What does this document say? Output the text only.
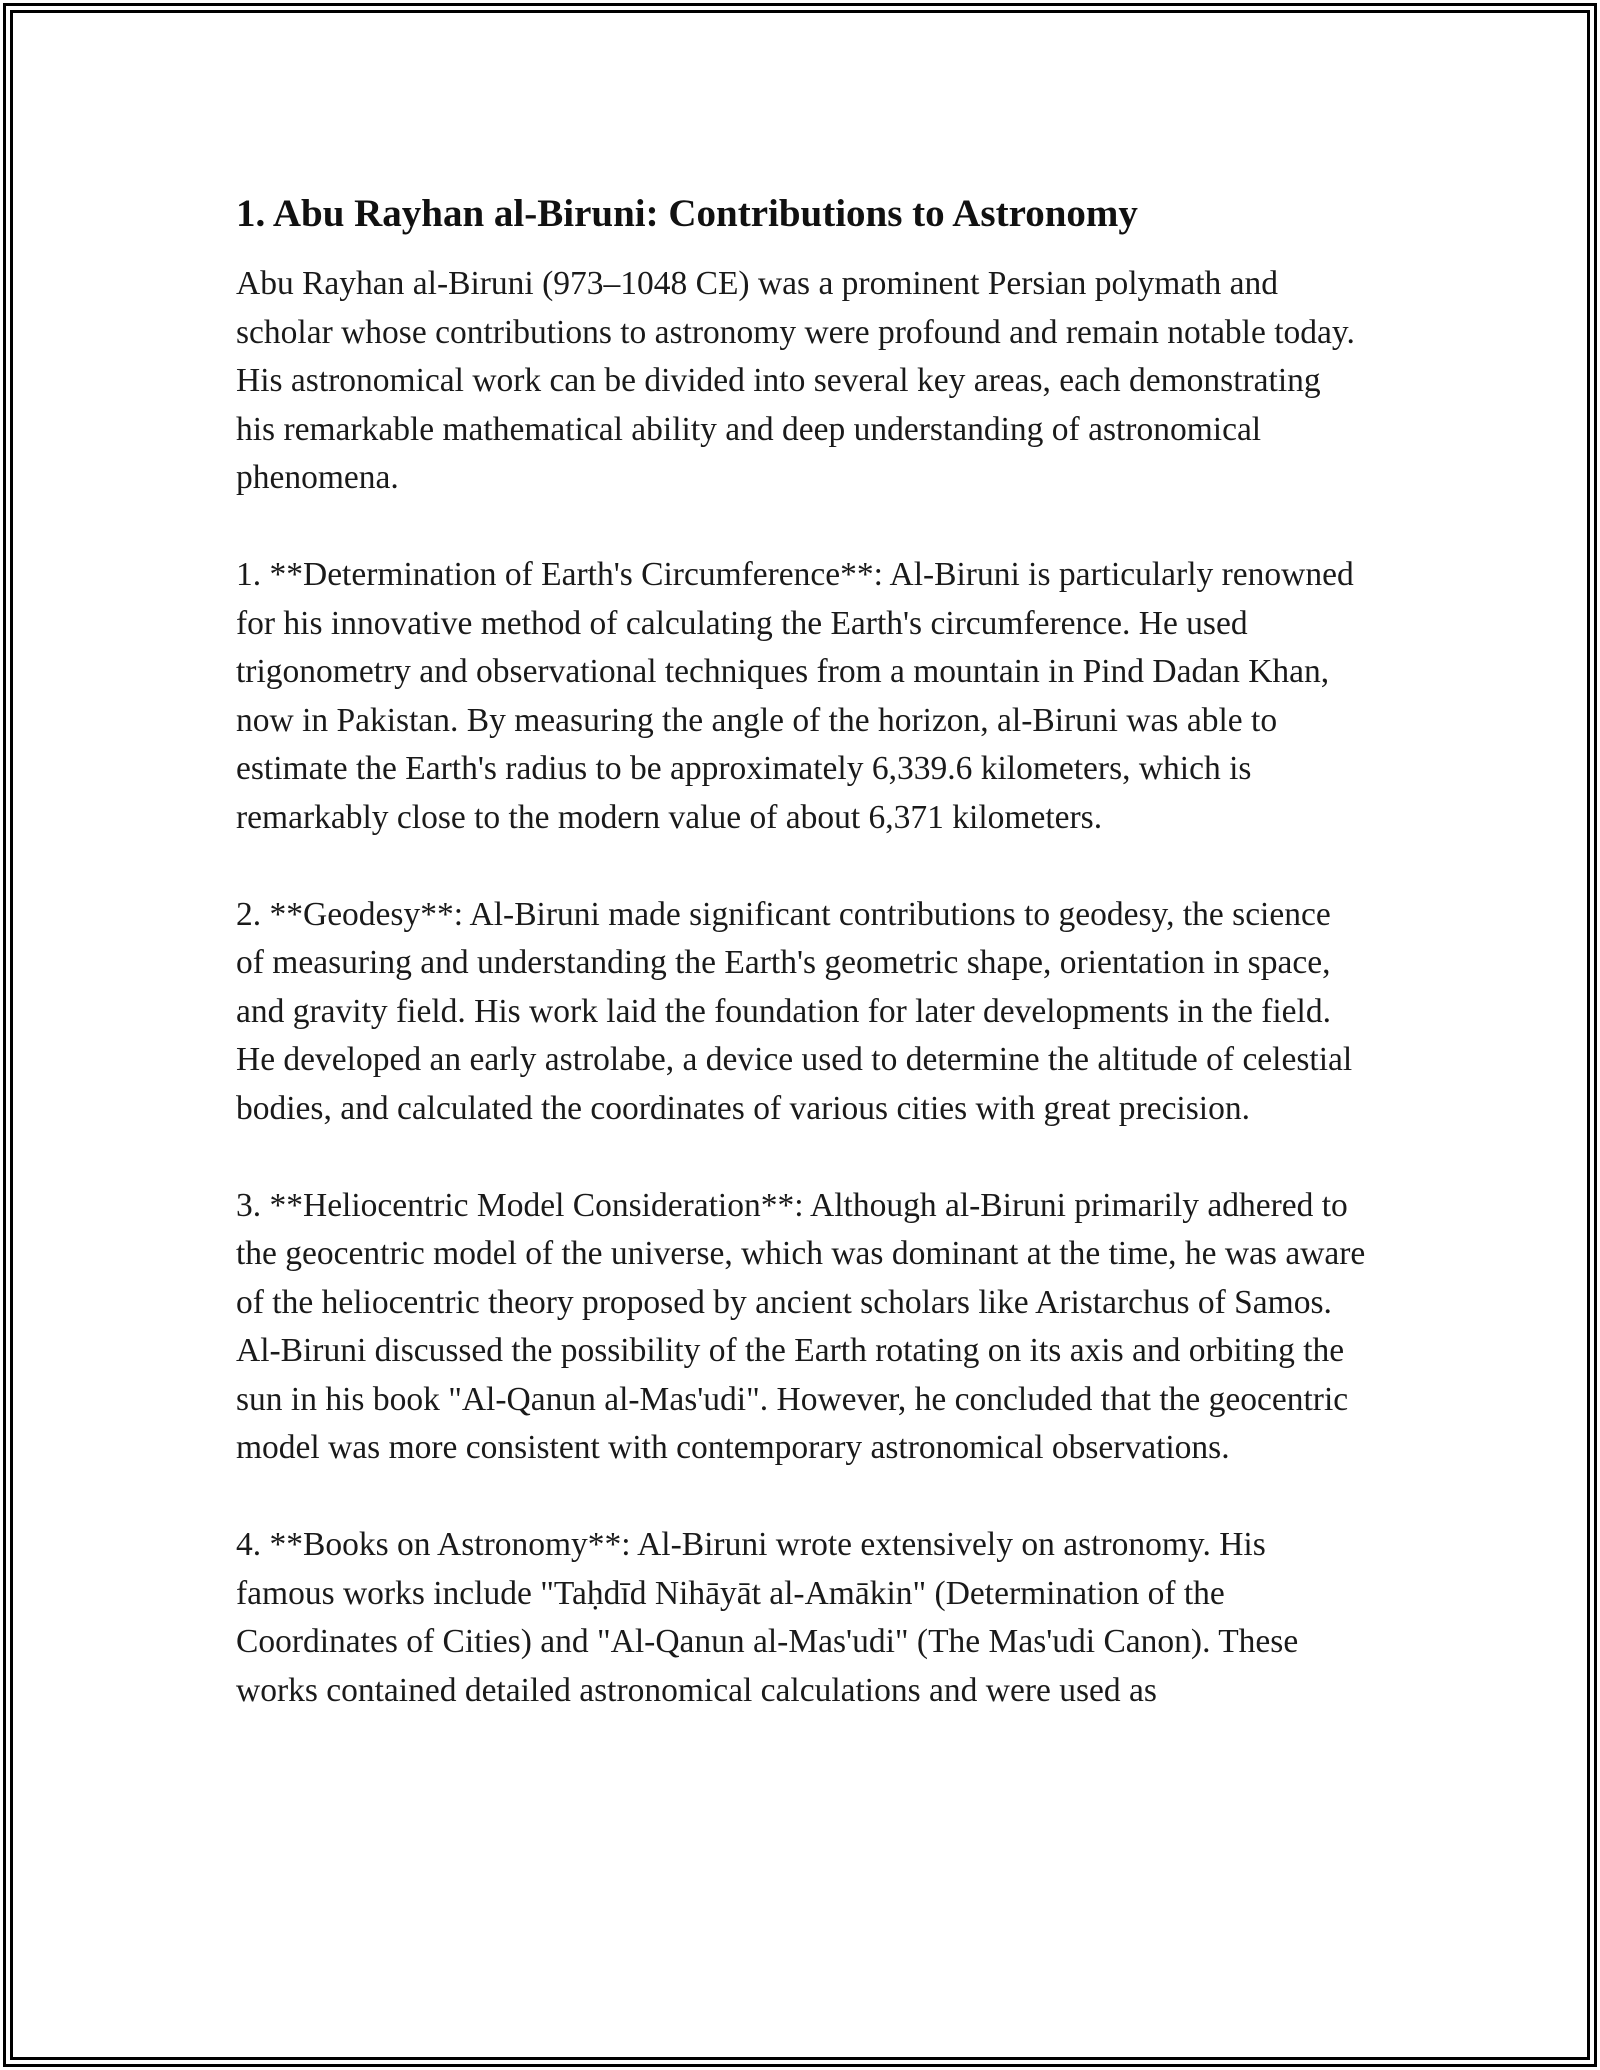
1. Abu Rayhan al-Biruni: Contributions to Astronomy

Abu Rayhan al-Biruni (973–1048 CE) was a prominent Persian polymath and scholar whose contributions to astronomy were profound and remain notable today. His astronomical work can be divided into several key areas, each demonstrating his remarkable mathematical ability and deep understanding of astronomical phenomena.

1. **Determination of Earth's Circumference**: Al-Biruni is particularly renowned for his innovative method of calculating the Earth's circumference. He used trigonometry and observational techniques from a mountain in Pind Dadan Khan, now in Pakistan. By measuring the angle of the horizon, al-Biruni was able to estimate the Earth's radius to be approximately 6,339.6 kilometers, which is remarkably close to the modern value of about 6,371 kilometers.

2. **Geodesy**: Al-Biruni made significant contributions to geodesy, the science of measuring and understanding the Earth's geometric shape, orientation in space, and gravity field. His work laid the foundation for later developments in the field. He developed an early astrolabe, a device used to determine the altitude of celestial bodies, and calculated the coordinates of various cities with great precision.

3. **Heliocentric Model Consideration**: Although al-Biruni primarily adhered to the geocentric model of the universe, which was dominant at the time, he was aware of the heliocentric theory proposed by ancient scholars like Aristarchus of Samos. Al-Biruni discussed the possibility of the Earth rotating on its axis and orbiting the sun in his book "Al-Qanun al-Mas'udi". However, he concluded that the geocentric model was more consistent with contemporary astronomical observations.

4. **Books on Astronomy**: Al-Biruni wrote extensively on astronomy. His famous works include "Taḥdīd Nihāyāt al-Amākin" (Determination of the Coordinates of Cities) and "Al-Qanun al-Mas'udi" (The Mas'udi Canon). These works contained detailed astronomical calculations and were used as
